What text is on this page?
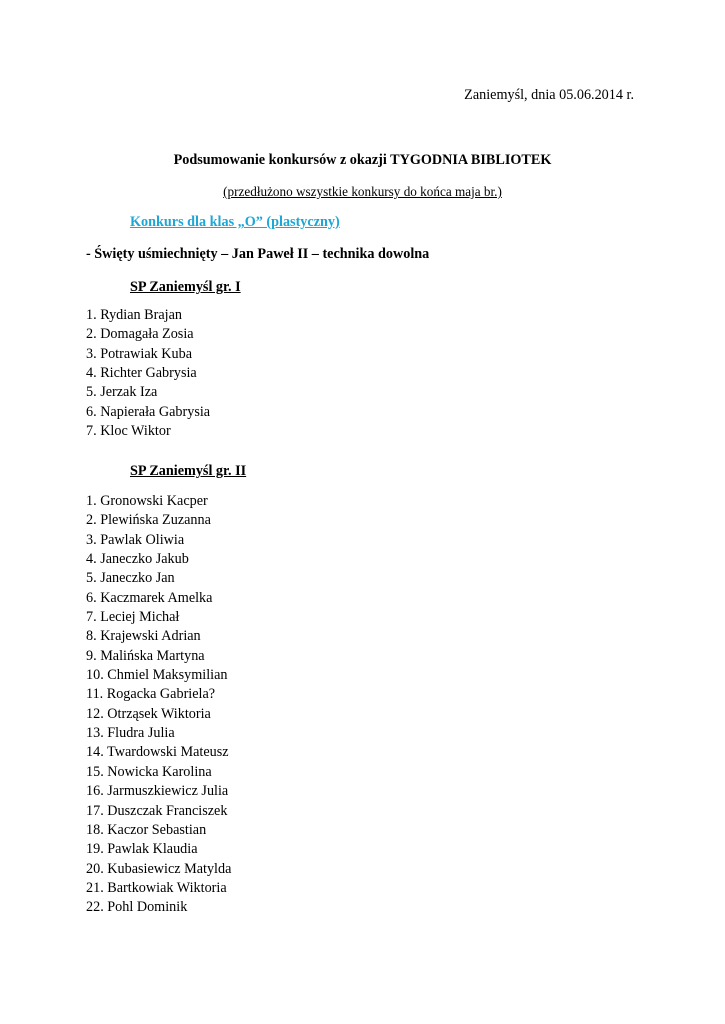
Zaniemyśl, dnia 05.06.2014 r.
Podsumowanie konkursów z okazji TYGODNIA BIBLIOTEK
(przedłużono wszystkie konkursy do końca maja br.)
Konkurs dla klas „O” (plastyczny)
- Święty uśmiechnięty – Jan Paweł II – technika dowolna
SP Zaniemyśl gr. I
1. Rydian Brajan
2. Domagała Zosia
3. Potrawiak Kuba
4. Richter Gabrysia
5. Jerzak Iza
6. Napierała Gabrysia
7. Kloc Wiktor
SP Zaniemyśl gr. II
1. Gronowski Kacper
2. Plewińska Zuzanna
3. Pawlak Oliwia
4. Janeczko Jakub
5. Janeczko Jan
6. Kaczmarek Amelka
7. Leciej Michał
8. Krajewski Adrian
9. Malińska Martyna
10. Chmiel Maksymilian
11. Rogacka Gabriela?
12. Otrząsek Wiktoria
13. Fludra Julia
14. Twardowski Mateusz
15. Nowicka Karolina
16. Jarmuszkiewicz Julia
17. Duszczak Franciszek
18. Kaczor Sebastian
19. Pawlak Klaudia
20. Kubasiewicz Matylda
21. Bartkowiak Wiktoria
22. Pohl Dominik
